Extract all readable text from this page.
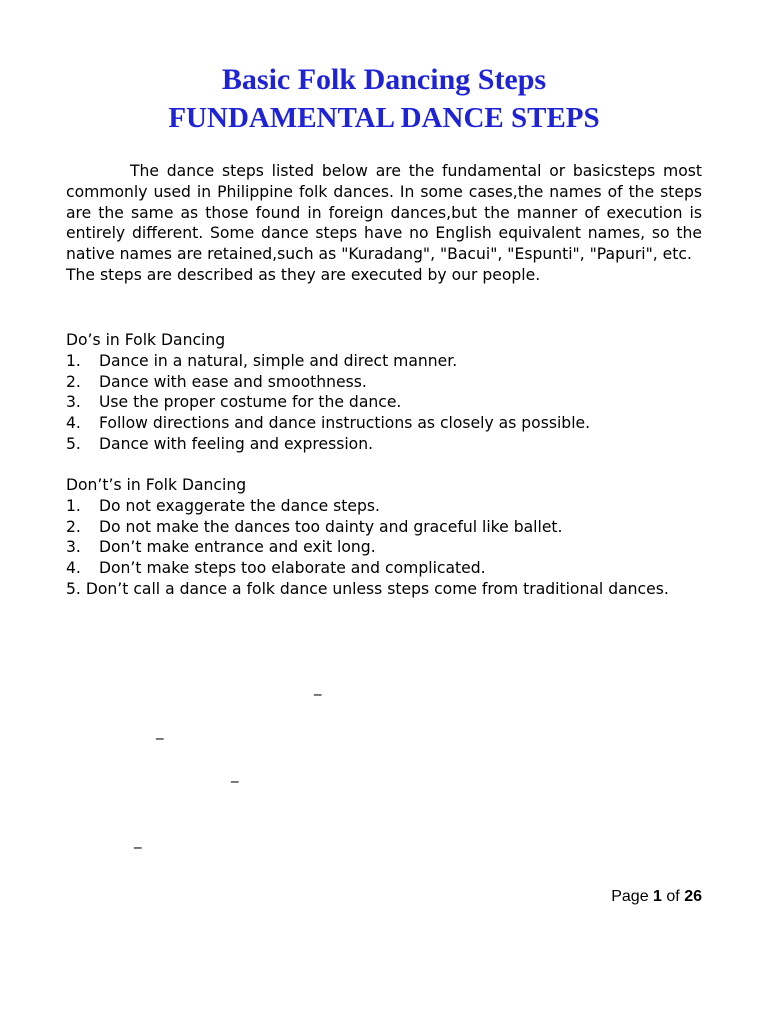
Basic Folk Dancing Steps
FUNDAMENTAL DANCE STEPS

The dance steps listed below are the fundamental or basicsteps most commonly used in Philippine folk dances. In some cases,the names of the steps are the same as those found in foreign dances,but the manner of execution is entirely different. Some dance steps have no English equivalent names, so the native names are retained,such as "Kuradang", "Bacui", "Espunti", "Papuri", etc.

The steps are described as they are executed by our people.

Do’s in Folk Dancing

1.	Dance in a natural, simple and direct manner.
2.	Dance with ease and smoothness.
3.	Use the proper costume for the dance.
4.	Follow directions and dance instructions as closely as possible.
5.	Dance with feeling and expression.

Don’t’s in Folk Dancing

1.	Do not exaggerate the dance steps.
2.	Do not make the dances too dainty and graceful like ballet.
3.	Don’t make entrance and exit long.
4.	Don’t make steps too elaborate and complicated.
5. Don’t call a dance a folk dance unless steps come from traditional dances.
_
_
_
_
Page 1 of 26
